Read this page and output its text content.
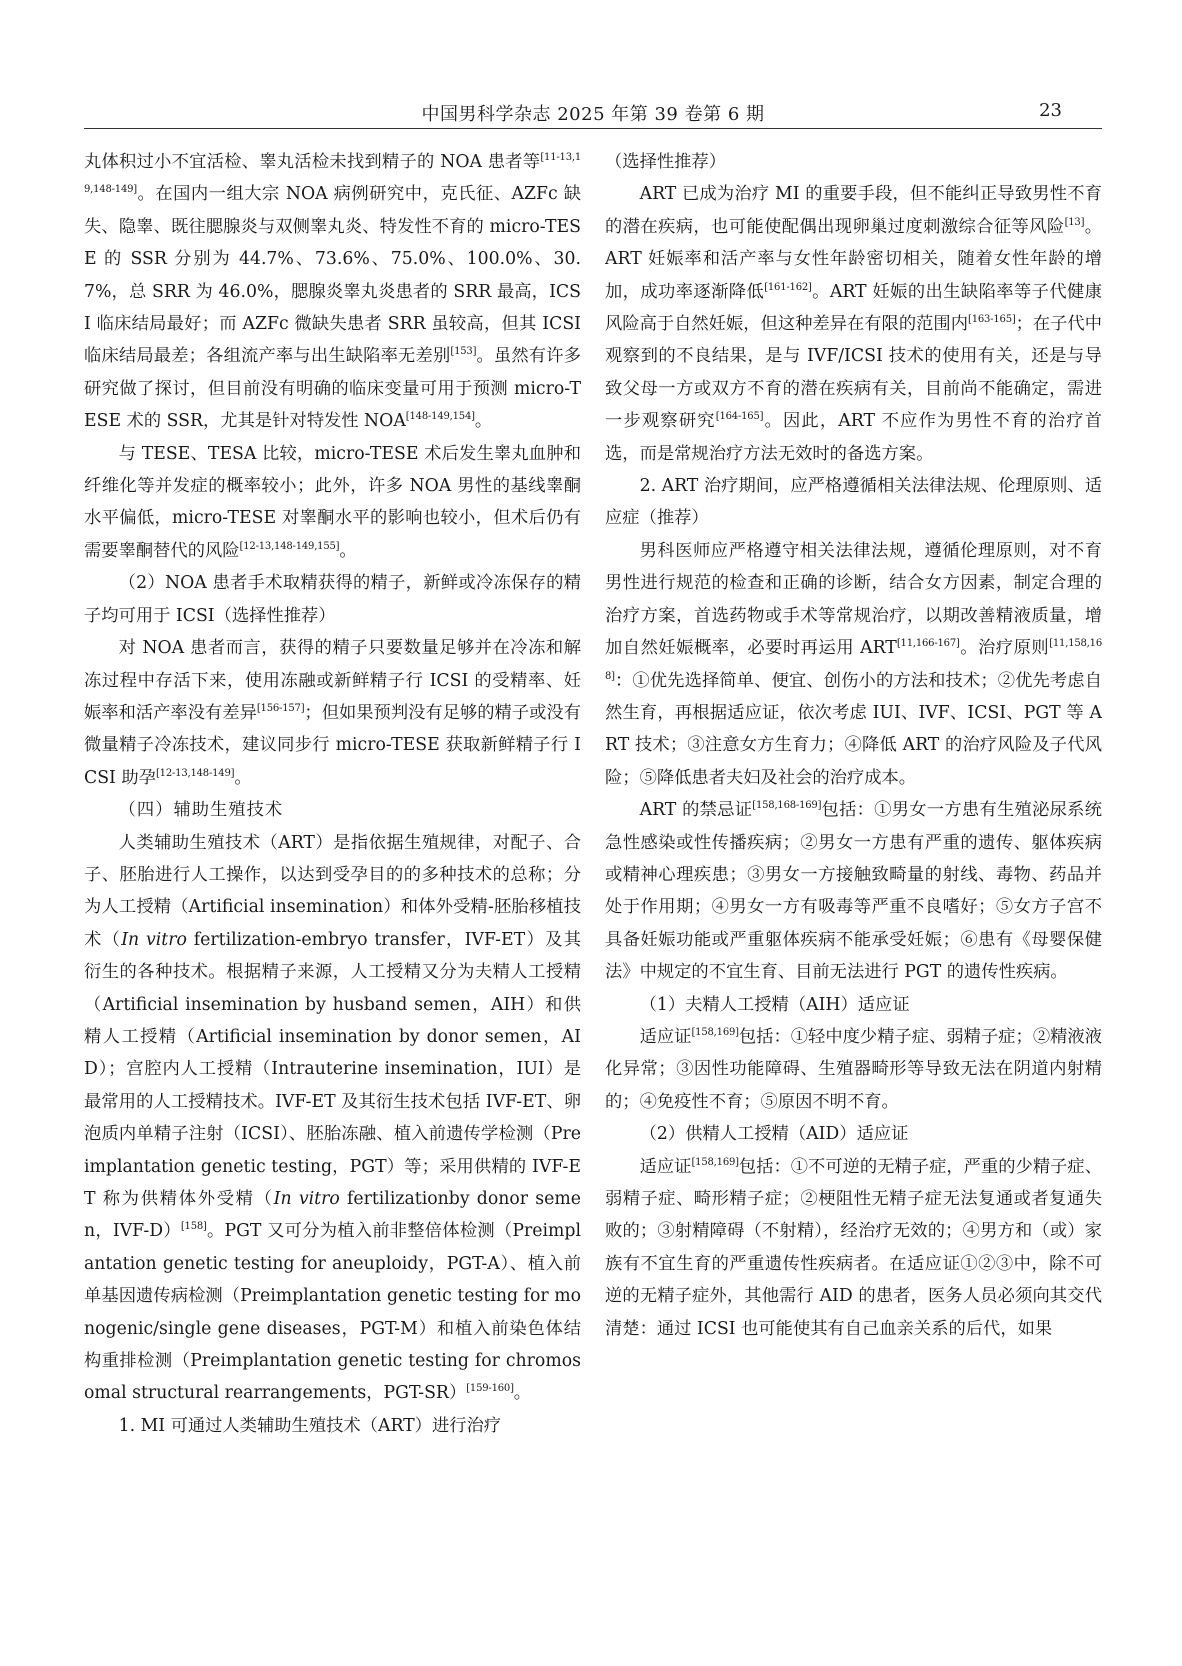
中国男科学杂志 2025 年第 39 卷第 6 期	23

丸体积过小不宜活检、睾丸活检未找到精子的 NOA 患者等[11-13,19,148-149]。在国内一组大宗 NOA 病例研究中，克氏征、AZFc 缺失、隐睾、既往腮腺炎与双侧睾丸炎、特发性不育的 micro-TESE 的 SSR 分别为 44.7%、73.6%、75.0%、100.0%、30.7%，总 SRR 为 46.0%，腮腺炎睾丸炎患者的 SRR 最高，ICSI 临床结局最好；而 AZFc 微缺失患者 SRR 虽较高，但其 ICSI 临床结局最差；各组流产率与出生缺陷率无差别[153]。虽然有许多研究做了探讨，但目前没有明确的临床变量可用于预测 micro-TESE 术的 SSR，尤其是针对特发性 NOA[148-149,154]。

与 TESE、TESA 比较，micro-TESE 术后发生睾丸血肿和纤维化等并发症的概率较小；此外，许多 NOA 男性的基线睾酮水平偏低，micro-TESE 对睾酮水平的影响也较小，但术后仍有需要睾酮替代的风险[12-13,148-149,155]。

（2）NOA 患者手术取精获得的精子，新鲜或冷冻保存的精子均可用于 ICSI（选择性推荐）

对 NOA 患者而言，获得的精子只要数量足够并在冷冻和解冻过程中存活下来，使用冻融或新鲜精子行 ICSI 的受精率、妊娠率和活产率没有差异[156-157]；但如果预判没有足够的精子或没有微量精子冷冻技术，建议同步行 micro-TESE 获取新鲜精子行 ICSI 助孕[12-13,148-149]。

（四）辅助生殖技术

人类辅助生殖技术（ART）是指依据生殖规律，对配子、合子、胚胎进行人工操作，以达到受孕目的的多种技术的总称；分为人工授精（Artificial insemination）和体外受精-胚胎移植技术（In vitro fertilization-embryo transfer，IVF-ET）及其衍生的各种技术。根据精子来源，人工授精又分为夫精人工授精（Artificial insemination by husband semen，AIH）和供精人工授精（Artificial insemination by donor semen，AID）；宫腔内人工授精（Intrauterine insemination，IUI）是最常用的人工授精技术。IVF-ET 及其衍生技术包括 IVF-ET、卵泡质内单精子注射（ICSI）、胚胎冻融、植入前遗传学检测（Preimplantation genetic testing，PGT）等；采用供精的 IVF-ET 称为供精体外受精（In vitro fertilizationby donor semen，IVF-D）[158]。PGT 又可分为植入前非整倍体检测（Preimplantation genetic testing for aneuploidy，PGT-A）、植入前单基因遗传病检测（Preimplantation genetic testing for monogenic/single gene diseases，PGT-M）和植入前染色体结构重排检测（Preimplantation genetic testing for chromosomal structural rearrangements，PGT-SR）[159-160]。

1. MI 可通过人类辅助生殖技术（ART）进行治疗

（选择性推荐）

ART 已成为治疗 MI 的重要手段，但不能纠正导致男性不育的潜在疾病，也可能使配偶出现卵巢过度刺激综合征等风险[13]。ART 妊娠率和活产率与女性年龄密切相关，随着女性年龄的增加，成功率逐渐降低[161-162]。ART 妊娠的出生缺陷率等子代健康风险高于自然妊娠，但这种差异在有限的范围内[163-165]；在子代中观察到的不良结果，是与 IVF/ICSI 技术的使用有关，还是与导致父母一方或双方不育的潜在疾病有关，目前尚不能确定，需进一步观察研究[164-165]。因此，ART 不应作为男性不育的治疗首选，而是常规治疗方法无效时的备选方案。

2. ART 治疗期间，应严格遵循相关法律法规、伦理原则、适应症（推荐）

男科医师应严格遵守相关法律法规，遵循伦理原则，对不育男性进行规范的检查和正确的诊断，结合女方因素，制定合理的治疗方案，首选药物或手术等常规治疗，以期改善精液质量，增加自然妊娠概率，必要时再运用 ART[11,166-167]。治疗原则[11,158,168]：①优先选择简单、便宜、创伤小的方法和技术；②优先考虑自然生育，再根据适应证，依次考虑 IUI、IVF、ICSI、PGT 等 ART 技术；③注意女方生育力；④降低 ART 的治疗风险及子代风险；⑤降低患者夫妇及社会的治疗成本。

ART 的禁忌证[158,168-169]包括：①男女一方患有生殖泌尿系统急性感染或性传播疾病；②男女一方患有严重的遗传、躯体疾病或精神心理疾患；③男女一方接触致畸量的射线、毒物、药品并处于作用期；④男女一方有吸毒等严重不良嗜好；⑤女方子宫不具备妊娠功能或严重躯体疾病不能承受妊娠；⑥患有《母婴保健法》中规定的不宜生育、目前无法进行 PGT 的遗传性疾病。

（1）夫精人工授精（AIH）适应证

适应证[158,169]包括：①轻中度少精子症、弱精子症；②精液液化异常；③因性功能障碍、生殖器畸形等导致无法在阴道内射精的；④免疫性不育；⑤原因不明不育。

（2）供精人工授精（AID）适应证

适应证[158,169]包括：①不可逆的无精子症，严重的少精子症、弱精子症、畸形精子症；②梗阻性无精子症无法复通或者复通失败的；③射精障碍（不射精），经治疗无效的；④男方和（或）家族有不宜生育的严重遗传性疾病者。在适应证①②③中，除不可逆的无精子症外，其他需行 AID 的患者，医务人员必须向其交代清楚：通过 ICSI 也可能使其有自己血亲关系的后代，如果
